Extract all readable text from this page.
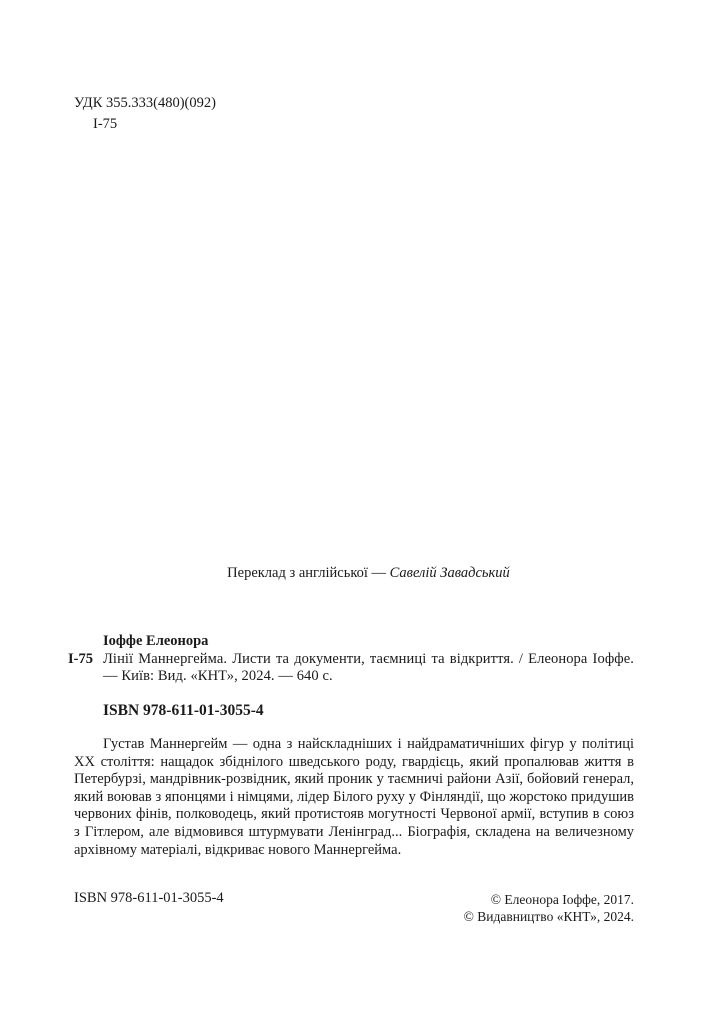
УДК 355.333(480)(092)

І-75

Переклад з англійської — Савелій Завадський

Іоффе Елеонора

І-75 Лінії Маннергейма. Листи та документи, таємниці та відкриття. / Елеонора Іоффе. — Київ: Вид. «КНТ», 2024. — 640 с.

ISBN 978-611-01-3055-4

Густав Маннергейм — одна з найскладніших і найдраматичніших фігур у політиці XX століття: нащадок збіднілого шведського роду, гвардієць, який пропалював життя в Петербурзі, мандрівник-розвідник, який проник у таємничі райони Азії, бойовий генерал, який воював з японцями і німцями, лідер Білого руху у Фінляндії, що жорстоко придушив червоних фінів, полководець, який протистояв могутності Червоної армії, вступив в союз з Гітлером, але відмовився штурмувати Ленінград... Біографія, складена на величезному архівному матеріалі, відкриває нового Маннергейма.

ISBN 978-611-01-3055-4	© Елеонора Іоффе, 2017.
© Видавництво «КНТ», 2024.
